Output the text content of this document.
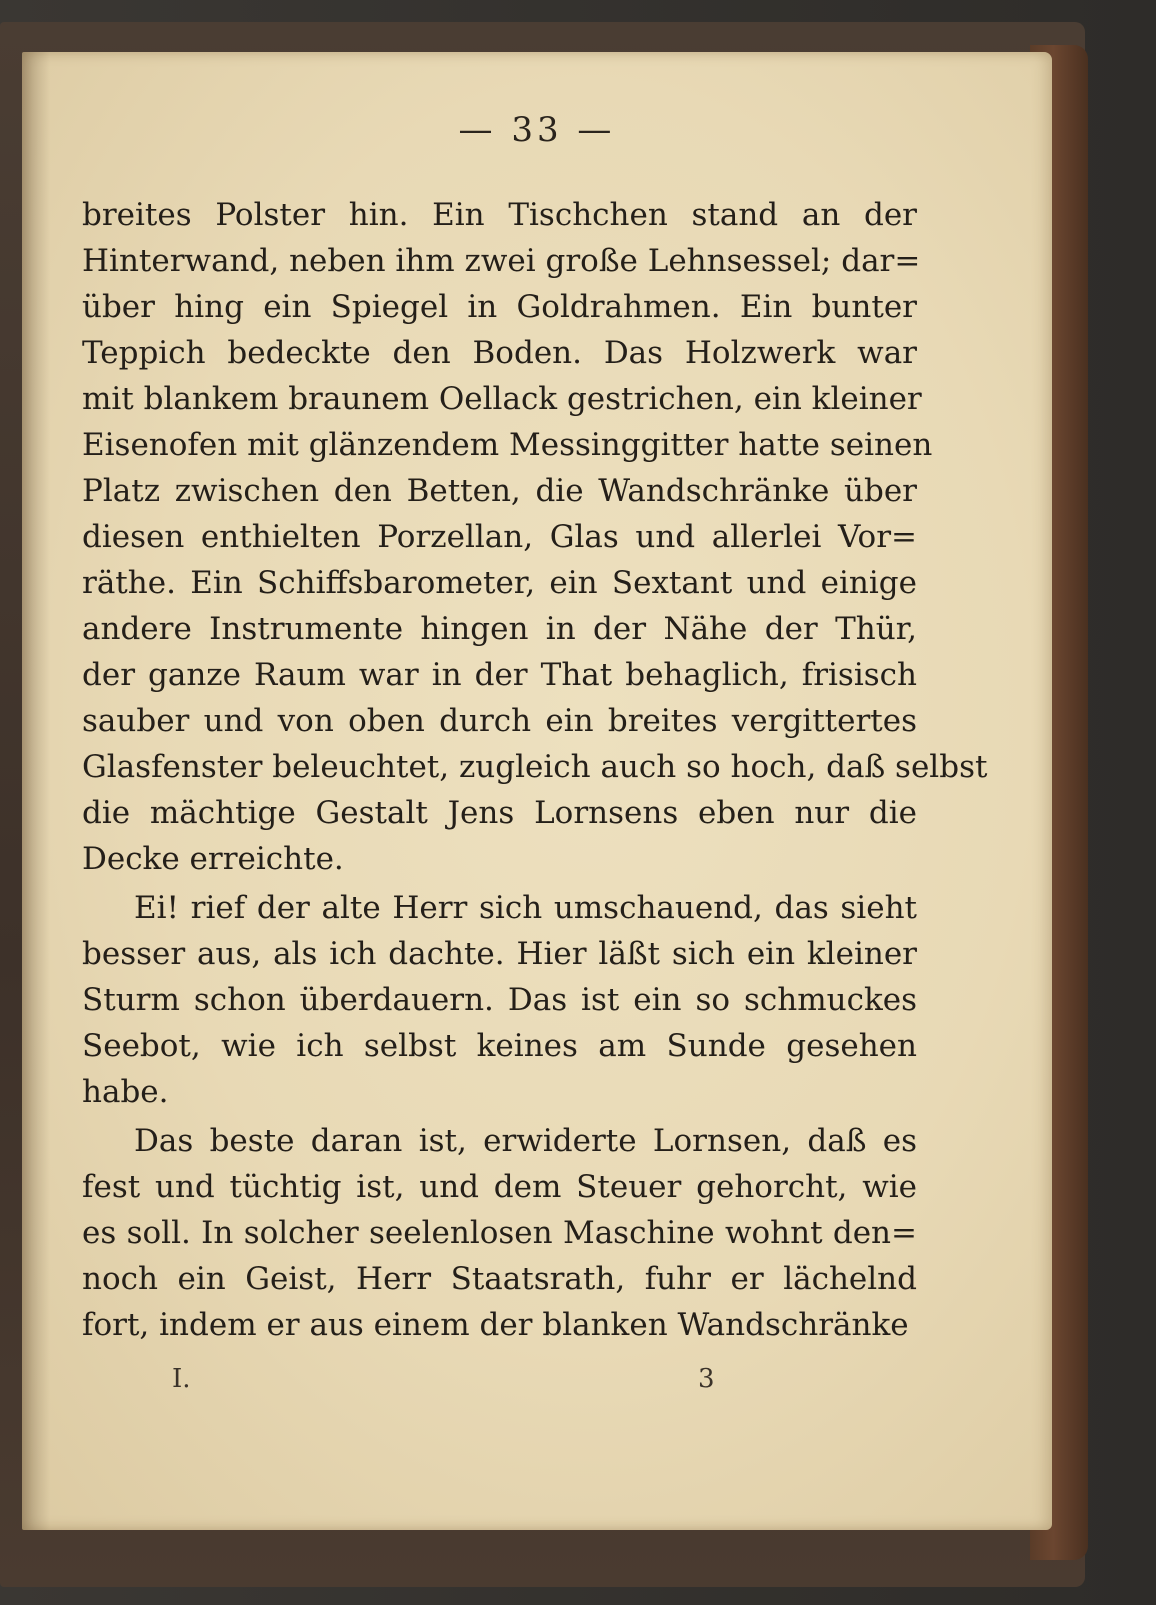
— 33 —
breites Polster hin. Ein Tischchen stand an der
Hinterwand, neben ihm zwei große Lehnsessel; dar=
über hing ein Spiegel in Goldrahmen. Ein bunter
Teppich bedeckte den Boden. Das Holzwerk war
mit blankem braunem Oellack gestrichen, ein kleiner
Eisenofen mit glänzendem Messinggitter hatte seinen
Platz zwischen den Betten, die Wandschränke über
diesen enthielten Porzellan, Glas und allerlei Vor=
räthe. Ein Schiffsbarometer, ein Sextant und einige
andere Instrumente hingen in der Nähe der Thür,
der ganze Raum war in der That behaglich, frisisch
sauber und von oben durch ein breites vergittertes
Glasfenster beleuchtet, zugleich auch so hoch, daß selbst
die mächtige Gestalt Jens Lornsens eben nur die
Decke erreichte.
Ei! rief der alte Herr sich umschauend, das sieht
besser aus, als ich dachte. Hier läßt sich ein kleiner
Sturm schon überdauern. Das ist ein so schmuckes
Seebot, wie ich selbst keines am Sunde gesehen
habe.
Das beste daran ist, erwiderte Lornsen, daß es
fest und tüchtig ist, und dem Steuer gehorcht, wie
es soll. In solcher seelenlosen Maschine wohnt den=
noch ein Geist, Herr Staatsrath, fuhr er lächelnd
fort, indem er aus einem der blanken Wandschränke
I.	3
